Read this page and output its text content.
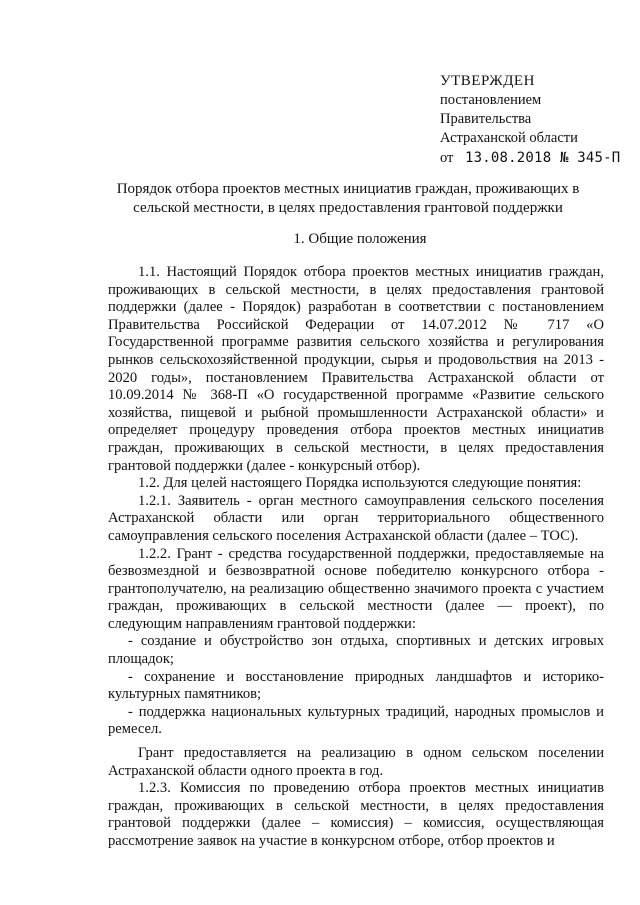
УТВЕРЖДЕН
постановлением
Правительства
Астраханской области
от 13.08.2018 № 345-П
Порядок отбора проектов местных инициатив граждан, проживающих в сельской местности, в целях предоставления грантовой поддержки
1. Общие положения

1.1. Настоящий Порядок отбора проектов местных инициатив граждан, проживающих в сельской местности, в целях предоставления грантовой поддержки (далее - Порядок) разработан в соответствии с постановлением Правительства Российской Федерации от 14.07.2012 № 717 «О Государственной программе развития сельского хозяйства и регулирования рынков сельскохозяйственной продукции, сырья и продовольствия на 2013 - 2020 годы», постановлением Правительства Астраханской области от 10.09.2014 № 368-П «О государственной программе «Развитие сельского хозяйства, пищевой и рыбной промышленности Астраханской области» и определяет процедуру проведения отбора проектов местных инициатив граждан, проживающих в сельской местности, в целях предоставления грантовой поддержки (далее - конкурсный отбор).

1.2. Для целей настоящего Порядка используются следующие понятия:

1.2.1. Заявитель - орган местного самоуправления сельского поселения Астраханской области или орган территориального общественного самоуправления сельского поселения Астраханской области (далее – ТОС).

1.2.2. Грант - средства государственной поддержки, предоставляемые на безвозмездной и безвозвратной основе победителю конкурсного отбора - грантополучателю, на реализацию общественно значимого проекта с участием граждан, проживающих в сельской местности (далее — проект), по следующим направлениям грантовой поддержки:

- создание и обустройство зон отдыха, спортивных и детских игровых площадок;

- сохранение и восстановление природных ландшафтов и историко-культурных памятников;

- поддержка национальных культурных традиций, народных промыслов и ремесел.

Грант предоставляется на реализацию в одном сельском поселении Астраханской области одного проекта в год.

1.2.3. Комиссия по проведению отбора проектов местных инициатив граждан, проживающих в сельской местности, в целях предоставления грантовой поддержки (далее – комиссия) – комиссия, осуществляющая рассмотрение заявок на участие в конкурсном отборе, отбор проектов и
